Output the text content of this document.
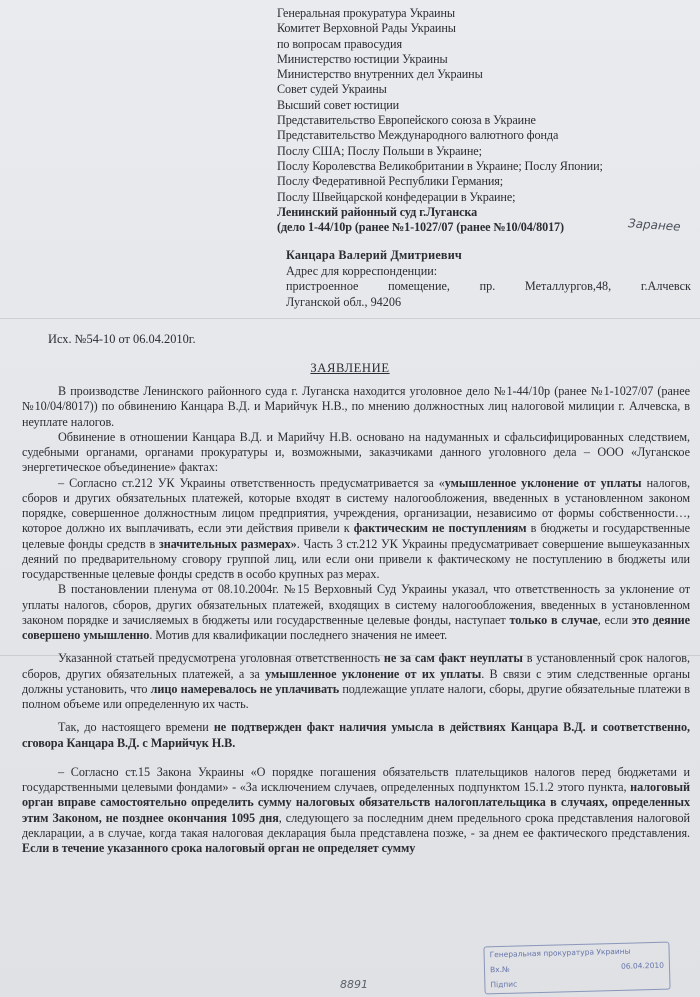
Генеральная прокуратура Украины
Комитет Верховной Рады Украины
по вопросам правосудия
Министерство юстиции Украины
Министерство внутренних дел Украины
Совет судей Украины
Высший совет юстиции
Представительство Европейского союза в Украине
Представительство Международного валютного фонда
Послу США; Послу Польши в Украине;
Послу Королевства Великобритании в Украине; Послу Японии;
Послу Федеративной Республики Германия;
Послу Швейцарской конфедерации в Украине;
Ленинский районный суд г.Луганска
(дело 1-44/10р (ранее №1-1027/07 (ранее №10/04/8017)	Заранее
Канцара Валерий Дмитриевич
Адрес для корреспонденции:
пристроенное помещение, пр. Металлургов,48, г.Алчевск
Луганской обл., 94206
Исх. №54-10 от 06.04.2010г.
ЗАЯВЛЕНИЕ

В производстве Ленинского районного суда г. Луганска находится уголовное дело №1-44/10р (ранее №1-1027/07 (ранее №10/04/8017)) по обвинению Канцара В.Д. и Марийчук Н.В., по мнению должностных лиц налоговой милиции г. Алчевска, в неуплате налогов.

Обвинение в отношении Канцара В.Д. и Марийчу Н.В. основано на надуманных и сфальсифицированных следствием, судебными органами, органами прокуратуры и, возможными, заказчиками данного уголовного дела – ООО «Луганское энергетическое объединение» фактах:

– Согласно ст.212 УК Украины ответственность предусматривается за «умышленное уклонение от уплаты налогов, сборов и других обязательных платежей, которые входят в систему налогообложения, введенных в установленном законом порядке, совершенное должностным лицом предприятия, учреждения, организации, независимо от формы собственности…, которое должно их выплачивать, если эти действия привели к фактическим не поступлениям в бюджеты и государственные целевые фонды средств в значительных размерах». Часть 3 ст.212 УК Украины предусматривает совершение вышеуказанных деяний по предварительному сговору группой лиц, или если они привели к фактическому не поступлению в бюджеты или государственные целевые фонды средств в особо крупных раз мерах.

В постановлении пленума от 08.10.2004г. №15 Верховный Суд Украины указал, что ответственность за уклонение от уплаты налогов, сборов, других обязательных платежей, входящих в систему налогообложения, введенных в установленном законом порядке и зачисляемых в бюджеты или государственные целевые фонды, наступает только в случае, если это деяние совершено умышленно. Мотив для квалификации последнего значения не имеет.

Указанной статьей предусмотрена уголовная ответственность не за сам факт неуплаты в установленный срок налогов, сборов, других обязательных платежей, а за умышленное уклонение от их уплаты. В связи с этим следственные органы должны установить, что лицо намеревалось не уплачивать подлежащие уплате налоги, сборы, другие обязательные платежи в полном объеме или определенную их часть.

Так, до настоящего времени не подтвержден факт наличия умысла в действиях Канцара В.Д. и соответственно, сговора Канцара В.Д. с Марийчук Н.В.

– Согласно ст.15 Закона Украины «О порядке погашения обязательств плательщиков налогов перед бюджетами и государственными целевыми фондами» - «За исключением случаев, определенных подпунктом 15.1.2 этого пункта, налоговый орган вправе самостоятельно определить сумму налоговых обязательств налогоплательщика в случаях, определенных этим Законом, не позднее окончания 1095 дня, следующего за последним днем предельного срока представления налоговой декларации, а в случае, когда такая налоговая декларация была представлена позже, - за днем ее фактического представления. Если в течение указанного срока налоговый орган не определяет сумму

Генеральная прокуратура Украины
Вх.№	06.04.2010
Підпис
8891
